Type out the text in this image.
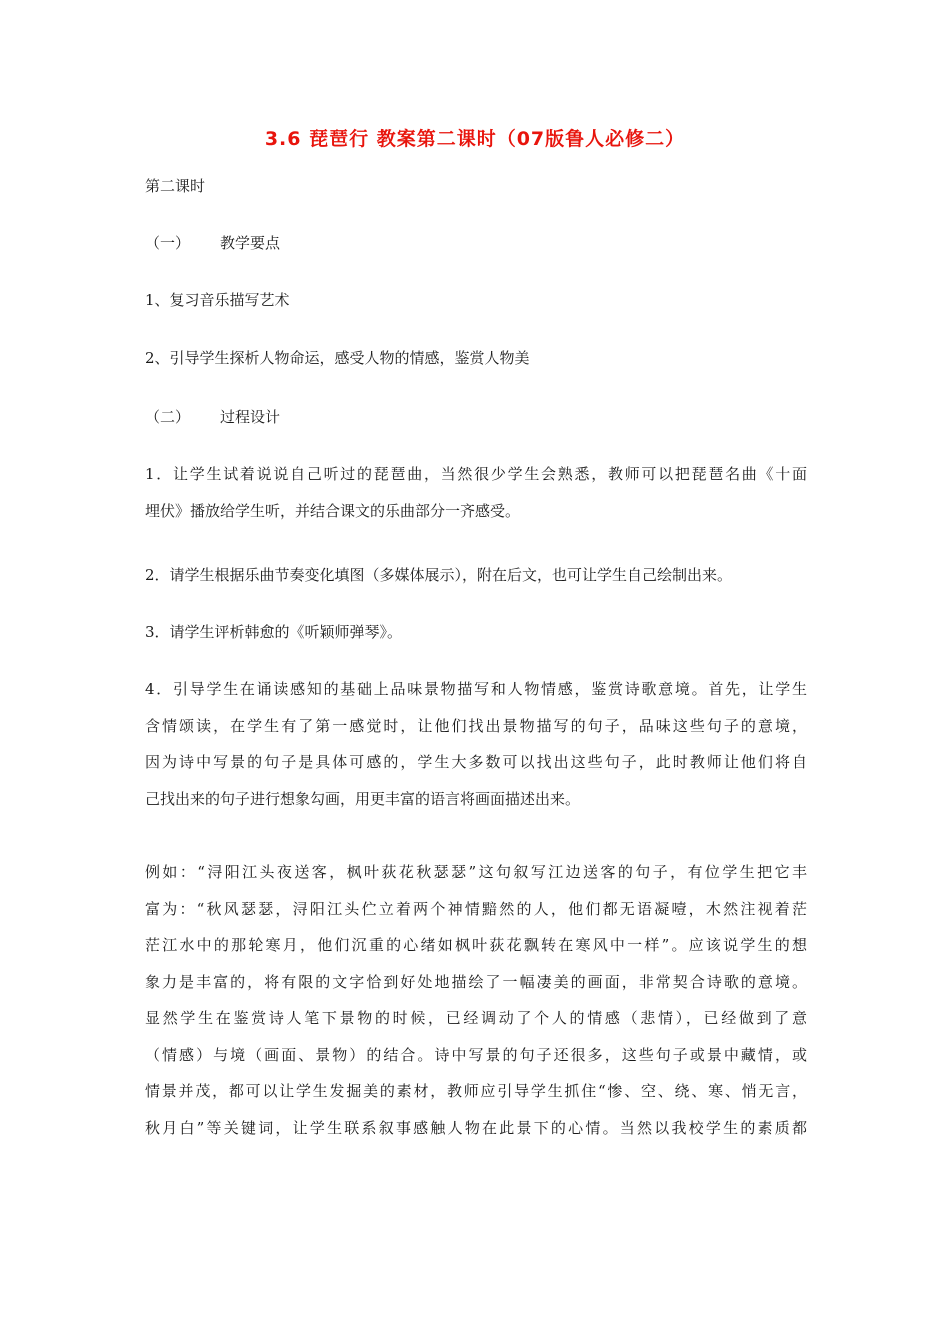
3.6 琵琶行 教案第二课时（07版鲁人必修二）
第二课时
（一） 教学要点
1、复习音乐描写艺术
2、引导学生探析人物命运，感受人物的情感，鉴赏人物美
（二） 过程设计
1．让学生试着说说自己听过的琵琶曲，当然很少学生会熟悉，教师可以把琵琶名曲《十面
埋伏》播放给学生听，并结合课文的乐曲部分一齐感受。
2．请学生根据乐曲节奏变化填图（多媒体展示），附在后文，也可让学生自己绘制出来。
3．请学生评析韩愈的《听颖师弹琴》。
4．引导学生在诵读感知的基础上品味景物描写和人物情感，鉴赏诗歌意境。首先，让学生
含情颂读，在学生有了第一感觉时，让他们找出景物描写的句子，品味这些句子的意境，
因为诗中写景的句子是具体可感的，学生大多数可以找出这些句子，此时教师让他们将自
己找出来的句子进行想象勾画，用更丰富的语言将画面描述出来。
例如：“浔阳江头夜送客，枫叶荻花秋瑟瑟”这句叙写江边送客的句子，有位学生把它丰
富为：“秋风瑟瑟，浔阳江头伫立着两个神情黯然的人，他们都无语凝噎，木然注视着茫
茫江水中的那轮寒月，他们沉重的心绪如枫叶荻花飘转在寒风中一样”。应该说学生的想
象力是丰富的，将有限的文字恰到好处地描绘了一幅凄美的画面，非常契合诗歌的意境。
显然学生在鉴赏诗人笔下景物的时候，已经调动了个人的情感（悲情），已经做到了意
（情感）与境（画面、景物）的结合。诗中写景的句子还很多，这些句子或景中藏情，或
情景并茂，都可以让学生发掘美的素材，教师应引导学生抓住“惨、空、绕、寒、悄无言，
秋月白”等关键词，让学生联系叙事感触人物在此景下的心情。当然以我校学生的素质都
